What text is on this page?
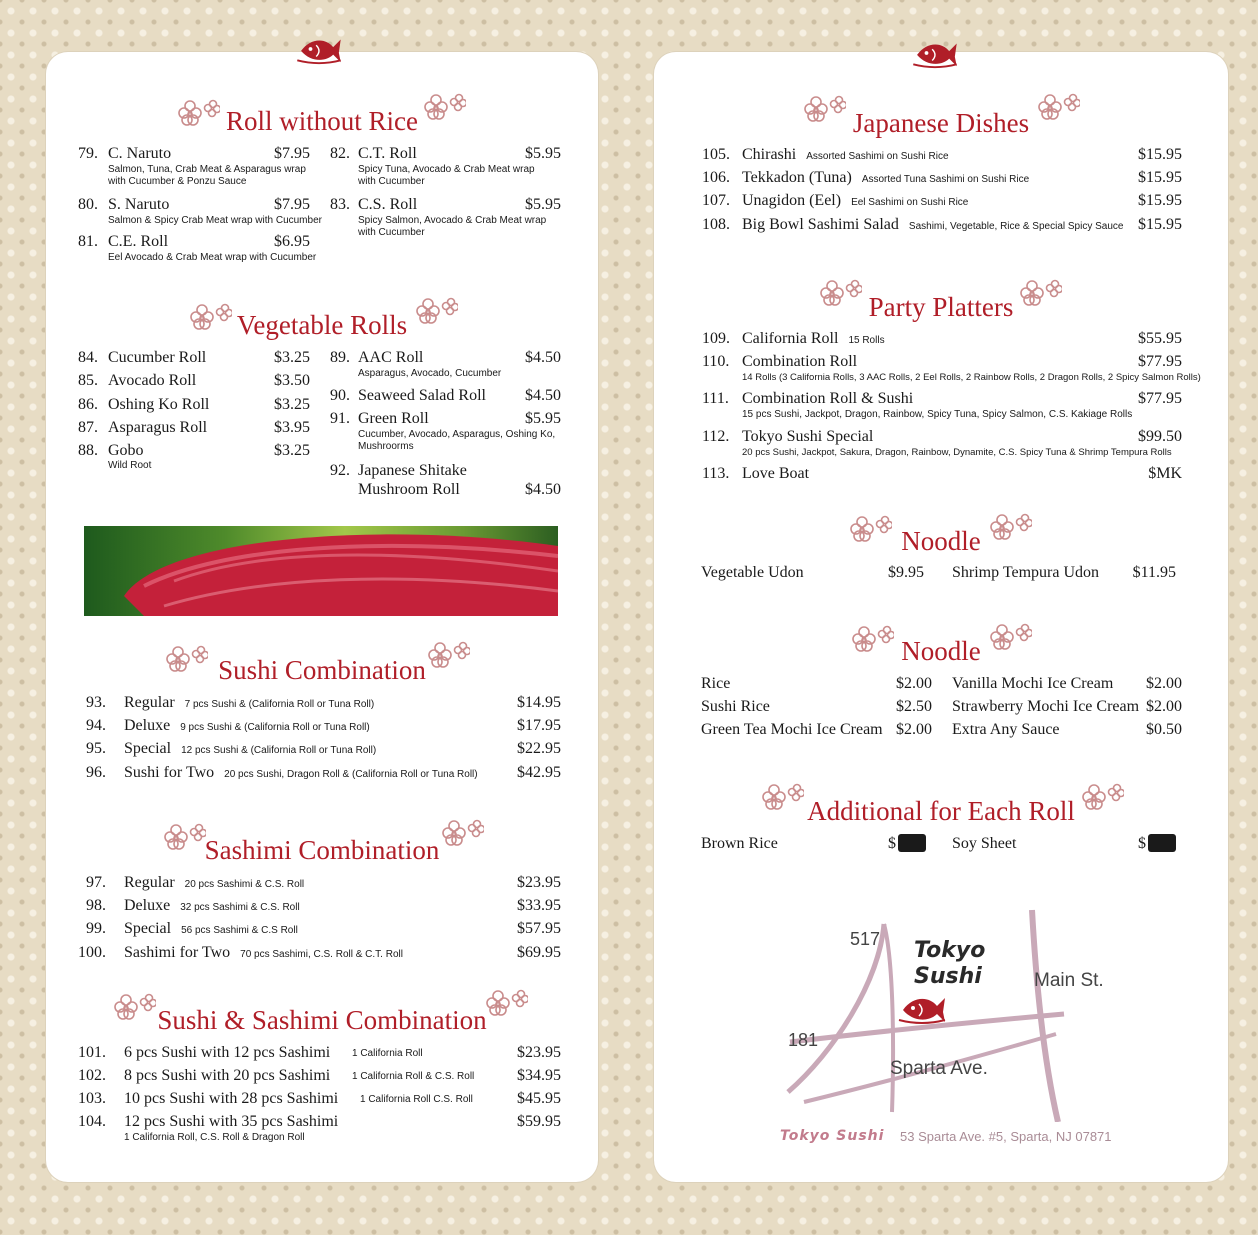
Roll without Rice
79. C. Naruto	$7.95
Salmon, Tuna, Crab Meat & Asparagus wrap
with Cucumber & Ponzu Sauce
80. S. Naruto	$7.95
Salmon & Spicy Crab Meat wrap with Cucumber
81. C.E. Roll	$6.95
Eel Avocado & Crab Meat wrap with Cucumber
82. C.T. Roll	$5.95
Spicy Tuna, Avocado & Crab Meat wrap
with Cucumber
83. C.S. Roll	$5.95
Spicy Salmon, Avocado & Crab Meat wrap
with Cucumber
Vegetable Rolls
84. Cucumber Roll	$3.25
85. Avocado Roll	$3.50
86. Oshing Ko Roll	$3.25
87. Asparagus Roll	$3.95
88. Gobo	$3.25
Wild Root
89. AAC Roll	$4.50
Asparagus, Avocado, Cucumber
90. Seaweed Salad Roll	$4.50
91. Green Roll	$5.95
Cucumber, Avocado, Asparagus, Oshing Ko,
Mushroorms
92. Japanese Shitake
Mushroom Roll	$4.50
Sushi Combination
93. Regular 7 pcs Sushi & (California Roll or Tuna Roll)	$14.95
94. Deluxe 9 pcs Sushi & (California Roll or Tuna Roll)	$17.95
95. Special 12 pcs Sushi & (California Roll or Tuna Roll)	$22.95
96. Sushi for Two 20 pcs Sushi, Dragon Roll & (California Roll or Tuna Roll)	$42.95
Sashimi Combination
97. Regular 20 pcs Sashimi & C.S. Roll	$23.95
98. Deluxe 32 pcs Sashimi & C.S. Roll	$33.95
99. Special 56 pcs Sashimi & C.S Roll	$57.95
100. Sashimi for Two 70 pcs Sashimi, C.S. Roll & C.T. Roll	$69.95
Sushi & Sashimi Combination
101. 6 pcs Sushi with 12 pcs Sashimi 1 California Roll	$23.95
102. 8 pcs Sushi with 20 pcs Sashimi 1 California Roll & C.S. Roll	$34.95
103. 10 pcs Sushi with 28 pcs Sashimi 1 California Roll C.S. Roll	$45.95
104. 12 pcs Sushi with 35 pcs Sashimi
1 California Roll, C.S. Roll & Dragon Roll
$59.95
Japanese Dishes
105. Chirashi Assorted Sashimi on Sushi Rice	$15.95
106. Tekkadon (Tuna) Assorted Tuna Sashimi on Sushi Rice	$15.95
107. Unagidon (Eel) Eel Sashimi on Sushi Rice	$15.95
108. Big Bowl Sashimi Salad Sashimi, Vegetable, Rice & Special Spicy Sauce $15.95
Party Platters
109. California Roll 15 Rolls	$55.95
110. Combination Roll	$77.95
14 Rolls (3 California Rolls, 3 AAC Rolls, 2 Eel Rolls, 2 Rainbow Rolls, 2 Dragon Rolls, 2 Spicy Salmon Rolls)
111. Combination Roll & Sushi	$77.95
15 pcs Sushi, Jackpot, Dragon, Rainbow, Spicy Tuna, Spicy Salmon, C.S. Kakiage Rolls
112. Tokyo Sushi Special	$99.50
20 pcs Sushi, Jackpot, Sakura, Dragon, Rainbow, Dynamite, C.S. Spicy Tuna & Shrimp Tempura Rolls
113. Love Boat	$MK
Noodle
Vegetable Udon	$9.95 Shrimp Tempura Udon	$11.95
Noodle
Rice	$2.00
Sushi Rice	$2.50
Green Tea Mochi Ice Cream $2.00
Vanilla Mochi Ice Cream	$2.00
Strawberry Mochi Ice Cream $2.00
Extra Any Sauce	$0.50
Additional for Each Roll
Brown Rice	$	Soy Sheet	$
517
181
Main St.
Sparta Ave.
Tokyo
Sushi
Tokyo Sushi 53 Sparta Ave. #5, Sparta, NJ 07871
